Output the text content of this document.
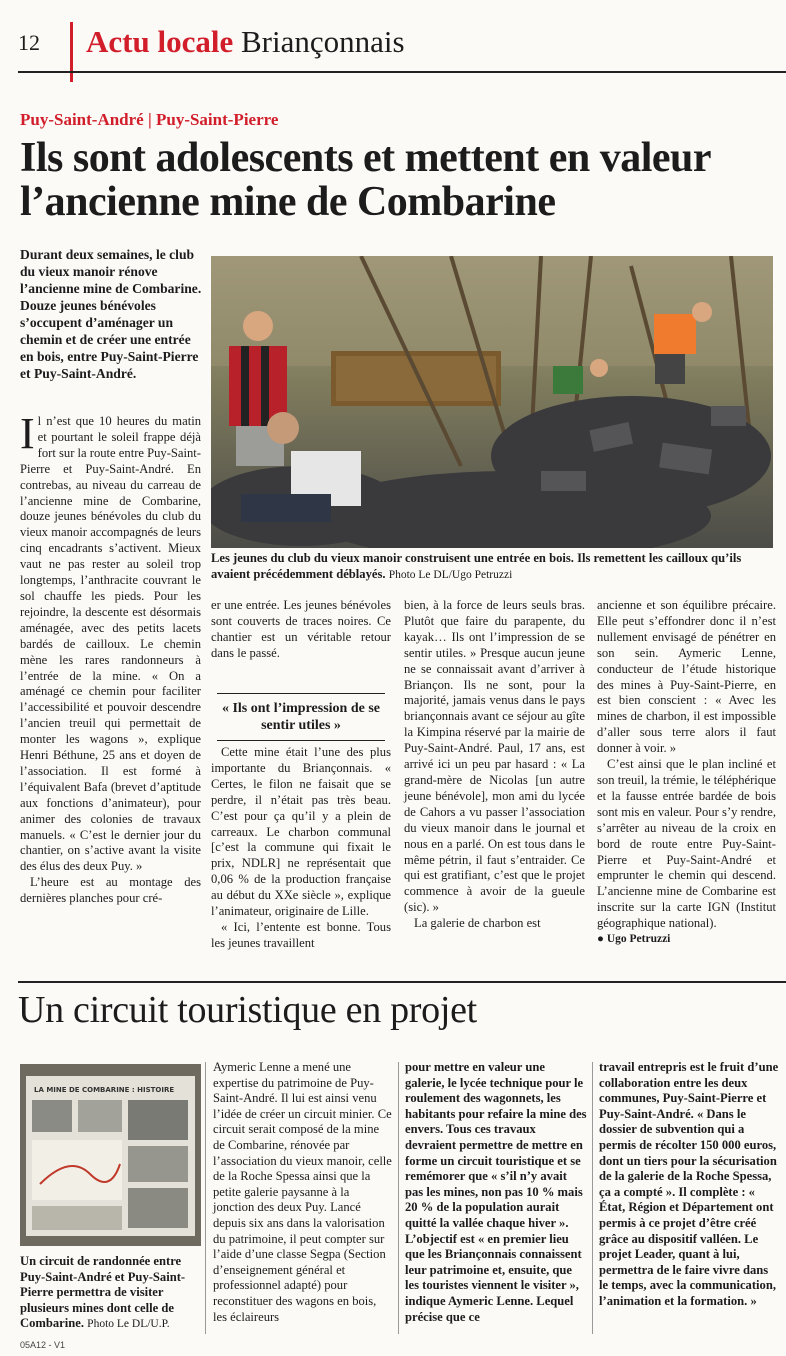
12 Actu locale Briançonnais
Puy-Saint-André | Puy-Saint-Pierre
Ils sont adolescents et mettent en valeur l’ancienne mine de Combarine
Durant deux semaines, le club du vieux manoir rénove l’ancienne mine de Combarine. Douze jeunes bénévoles s’occupent d’aménager un chemin et de créer une entrée en bois, entre Puy-Saint-Pierre et Puy-Saint-André.
Les jeunes du club du vieux manoir construisent une entrée en bois. Ils remettent les cailloux qu’ils avaient précédemment déblayés. Photo Le DL/Ugo Petruzzi

Il n’est que 10 heures du matin et pourtant le soleil frappe déjà fort sur la route entre Puy-Saint-Pierre et Puy-Saint-André. En contrebas, au niveau du carreau de l’ancienne mine de Combarine, douze jeunes bénévoles du club du vieux manoir accompagnés de leurs cinq encadrants s’activent. Mieux vaut ne pas rester au soleil trop longtemps, l’anthracite couvrant le sol chauffe les pieds. Pour les rejoindre, la descente est désormais aménagée, avec des petits lacets bardés de cailloux. Le chemin mène les rares randonneurs à l’entrée de la mine. « On a aménagé ce chemin pour faciliter l’accessibilité et pouvoir descendre l’ancien treuil qui permettait de monter les wagons », explique Henri Béthune, 25 ans et doyen de l’association. Il est formé à l’équivalent Bafa (brevet d’aptitude aux fonctions d’animateur), pour animer des colonies de travaux manuels. « C’est le dernier jour du chantier, on s’active avant la visite des élus des deux Puy. »

L’heure est au montage des dernières planches pour cré-

er une entrée. Les jeunes bénévoles sont couverts de traces noires. Ce chantier est un véritable retour dans le passé.

« Ils ont l’impression de se sentir utiles »

Cette mine était l’une des plus importante du Briançonnais. « Certes, le filon ne faisait que se perdre, il n’était pas très beau. C’est pour ça qu’il y a plein de carreaux. Le charbon communal [c’est la commune qui fixait le prix, NDLR] ne représentait que 0,06 % de la production française au début du XXe siècle », explique l’animateur, originaire de Lille.

« Ici, l’entente est bonne. Tous les jeunes travaillent

bien, à la force de leurs seuls bras. Plutôt que faire du parapente, du kayak… Ils ont l’impression de se sentir utiles. » Presque aucun jeune ne se connaissait avant d’arriver à Briançon. Ils ne sont, pour la majorité, jamais venus dans le pays briançonnais avant ce séjour au gîte la Kimpina réservé par la mairie de Puy-Saint-André. Paul, 17 ans, est arrivé ici un peu par hasard : « La grand-mère de Nicolas [un autre jeune bénévole], mon ami du lycée de Cahors a vu passer l’association du vieux manoir dans le journal et nous en a parlé. On est tous dans le même pétrin, il faut s’entraider. Ce qui est gratifiant, c’est que le projet commence à avoir de la gueule (sic). »

La galerie de charbon est

ancienne et son équilibre précaire. Elle peut s’effondrer donc il n’est nullement envisagé de pénétrer en son sein. Aymeric Lenne, conducteur de l’étude historique des mines à Puy-Saint-Pierre, en est bien conscient : « Avec les mines de charbon, il est impossible d’aller sous terre alors il faut donner à voir. »

C’est ainsi que le plan incliné et son treuil, la trémie, le téléphérique et la fausse entrée bardée de bois sont mis en valeur. Pour s’y rendre, s’arrêter au niveau de la croix en bord de route entre Puy-Saint-Pierre et Puy-Saint-André et emprunter le chemin qui descend. L’ancienne mine de Combarine est inscrite sur la carte IGN (Institut géographique national).

● Ugo Petruzzi
Un circuit touristique en projet
LA MINE DE COMBARINE : HISTOIRE
Un circuit de randonnée entre Puy-Saint-André et Puy-Saint-Pierre permettra de visiter plusieurs mines dont celle de Combarine. Photo Le DL/U.P.
Aymeric Lenne a mené une expertise du patrimoine de Puy-Saint-André. Il lui est ainsi venu l’idée de créer un circuit minier. Ce circuit serait composé de la mine de Combarine, rénovée par l’association du vieux manoir, celle de la Roche Spessa ainsi que la petite galerie paysanne à la jonction des deux Puy. Lancé depuis six ans dans la valorisation du patrimoine, il peut compter sur l’aide d’une classe Segpa (Section d’enseignement général et professionnel adapté) pour reconstituer des wagons en bois, les éclaireurs
pour mettre en valeur une galerie, le lycée technique pour le roulement des wagonnets, les habitants pour refaire la mine des envers. Tous ces travaux devraient permettre de mettre en forme un circuit touristique et se remémorer que « s’il n’y avait pas les mines, non pas 10 % mais 20 % de la population aurait quitté la vallée chaque hiver ». L’objectif est « en premier lieu que les Briançonnais connaissent leur patrimoine et, ensuite, que les touristes viennent le visiter », indique Aymeric Lenne. Lequel précise que ce
travail entrepris est le fruit d’une collaboration entre les deux communes, Puy-Saint-Pierre et Puy-Saint-André. « Dans le dossier de subvention qui a permis de récolter 150 000 euros, dont un tiers pour la sécurisation de la galerie de la Roche Spessa, ça a compté ». Il complète : « État, Région et Département ont permis à ce projet d’être créé grâce au dispositif valléen. Le projet Leader, quant à lui, permettra de le faire vivre dans le temps, avec la communication, l’animation et la formation. »
05A12 - V1
